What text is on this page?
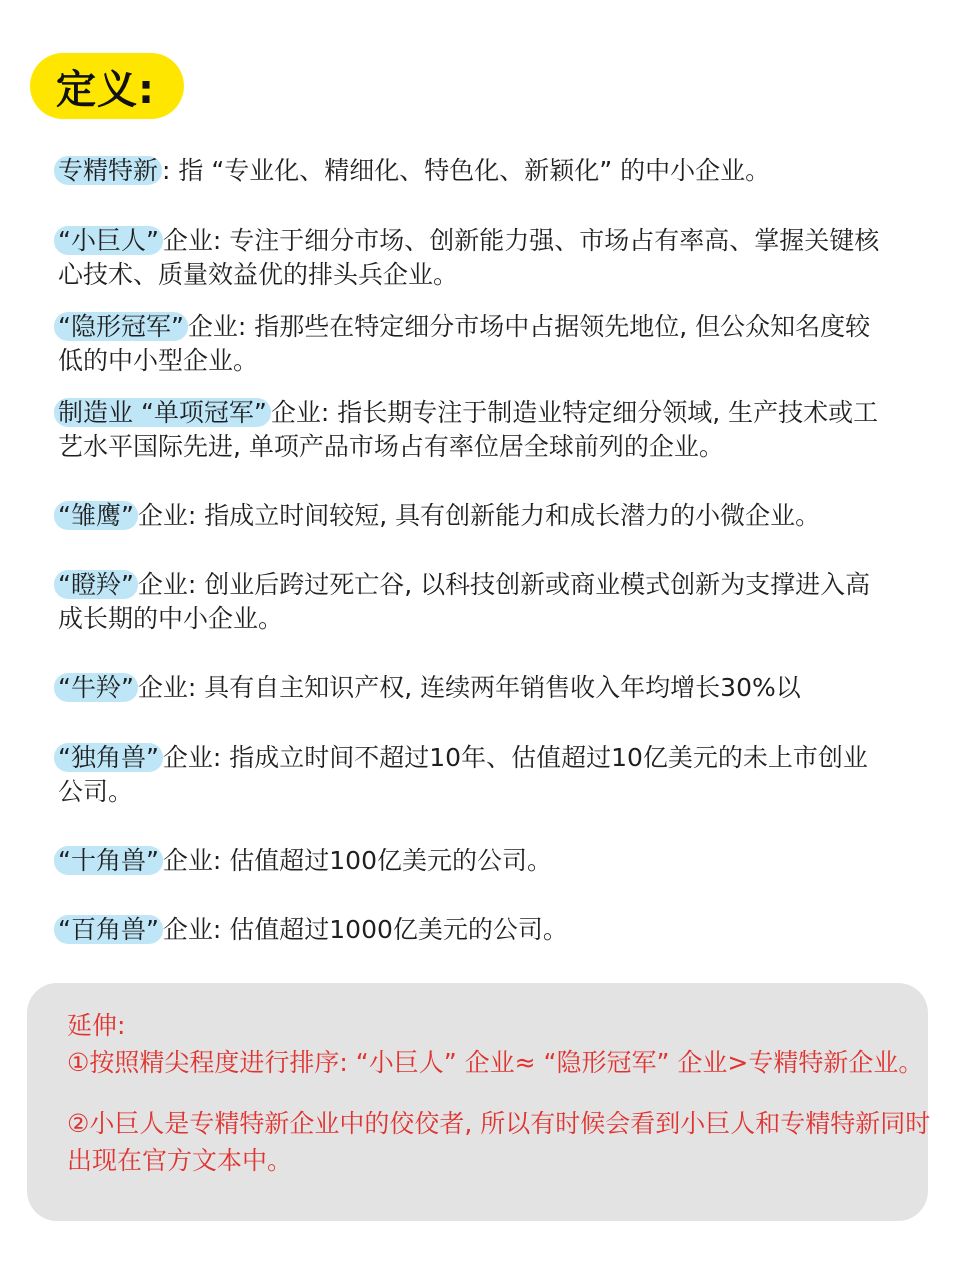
定义:
专精特新 : 指 “专业化、精细化、特色化、新颖化” 的中小企业。
“小巨人” 企业: 专注于细分市场、创新能力强、市场占有率高、掌握关键核心技术、质量效益优的排头兵企业。
“隐形冠军” 企业: 指那些在特定细分市场中占据领先地位, 但公众知名度较低的中小型企业。
制造业 “单项冠军” 企业: 指长期专注于制造业特定细分领域, 生产技术或工艺水平国际先进, 单项产品市场占有率位居全球前列的企业。
“雏鹰” 企业: 指成立时间较短, 具有创新能力和成长潜力的小微企业。
“瞪羚” 企业: 创业后跨过死亡谷, 以科技创新或商业模式创新为支撑进入高成长期的中小企业。
“牛羚” 企业: 具有自主知识产权, 连续两年销售收入年均增长30%以
“独角兽” 企业: 指成立时间不超过10年、估值超过10亿美元的未上市创业公司。
“十角兽” 企业: 估值超过100亿美元的公司。
“百角兽” 企业: 估值超过1000亿美元的公司。
延伸:
①按照精尖程度进行排序: “小巨人” 企业≈ “隐形冠军” 企业>专精特新企业。
②小巨人是专精特新企业中的佼佼者, 所以有时候会看到小巨人和专精特新同时出现在官方文本中。
